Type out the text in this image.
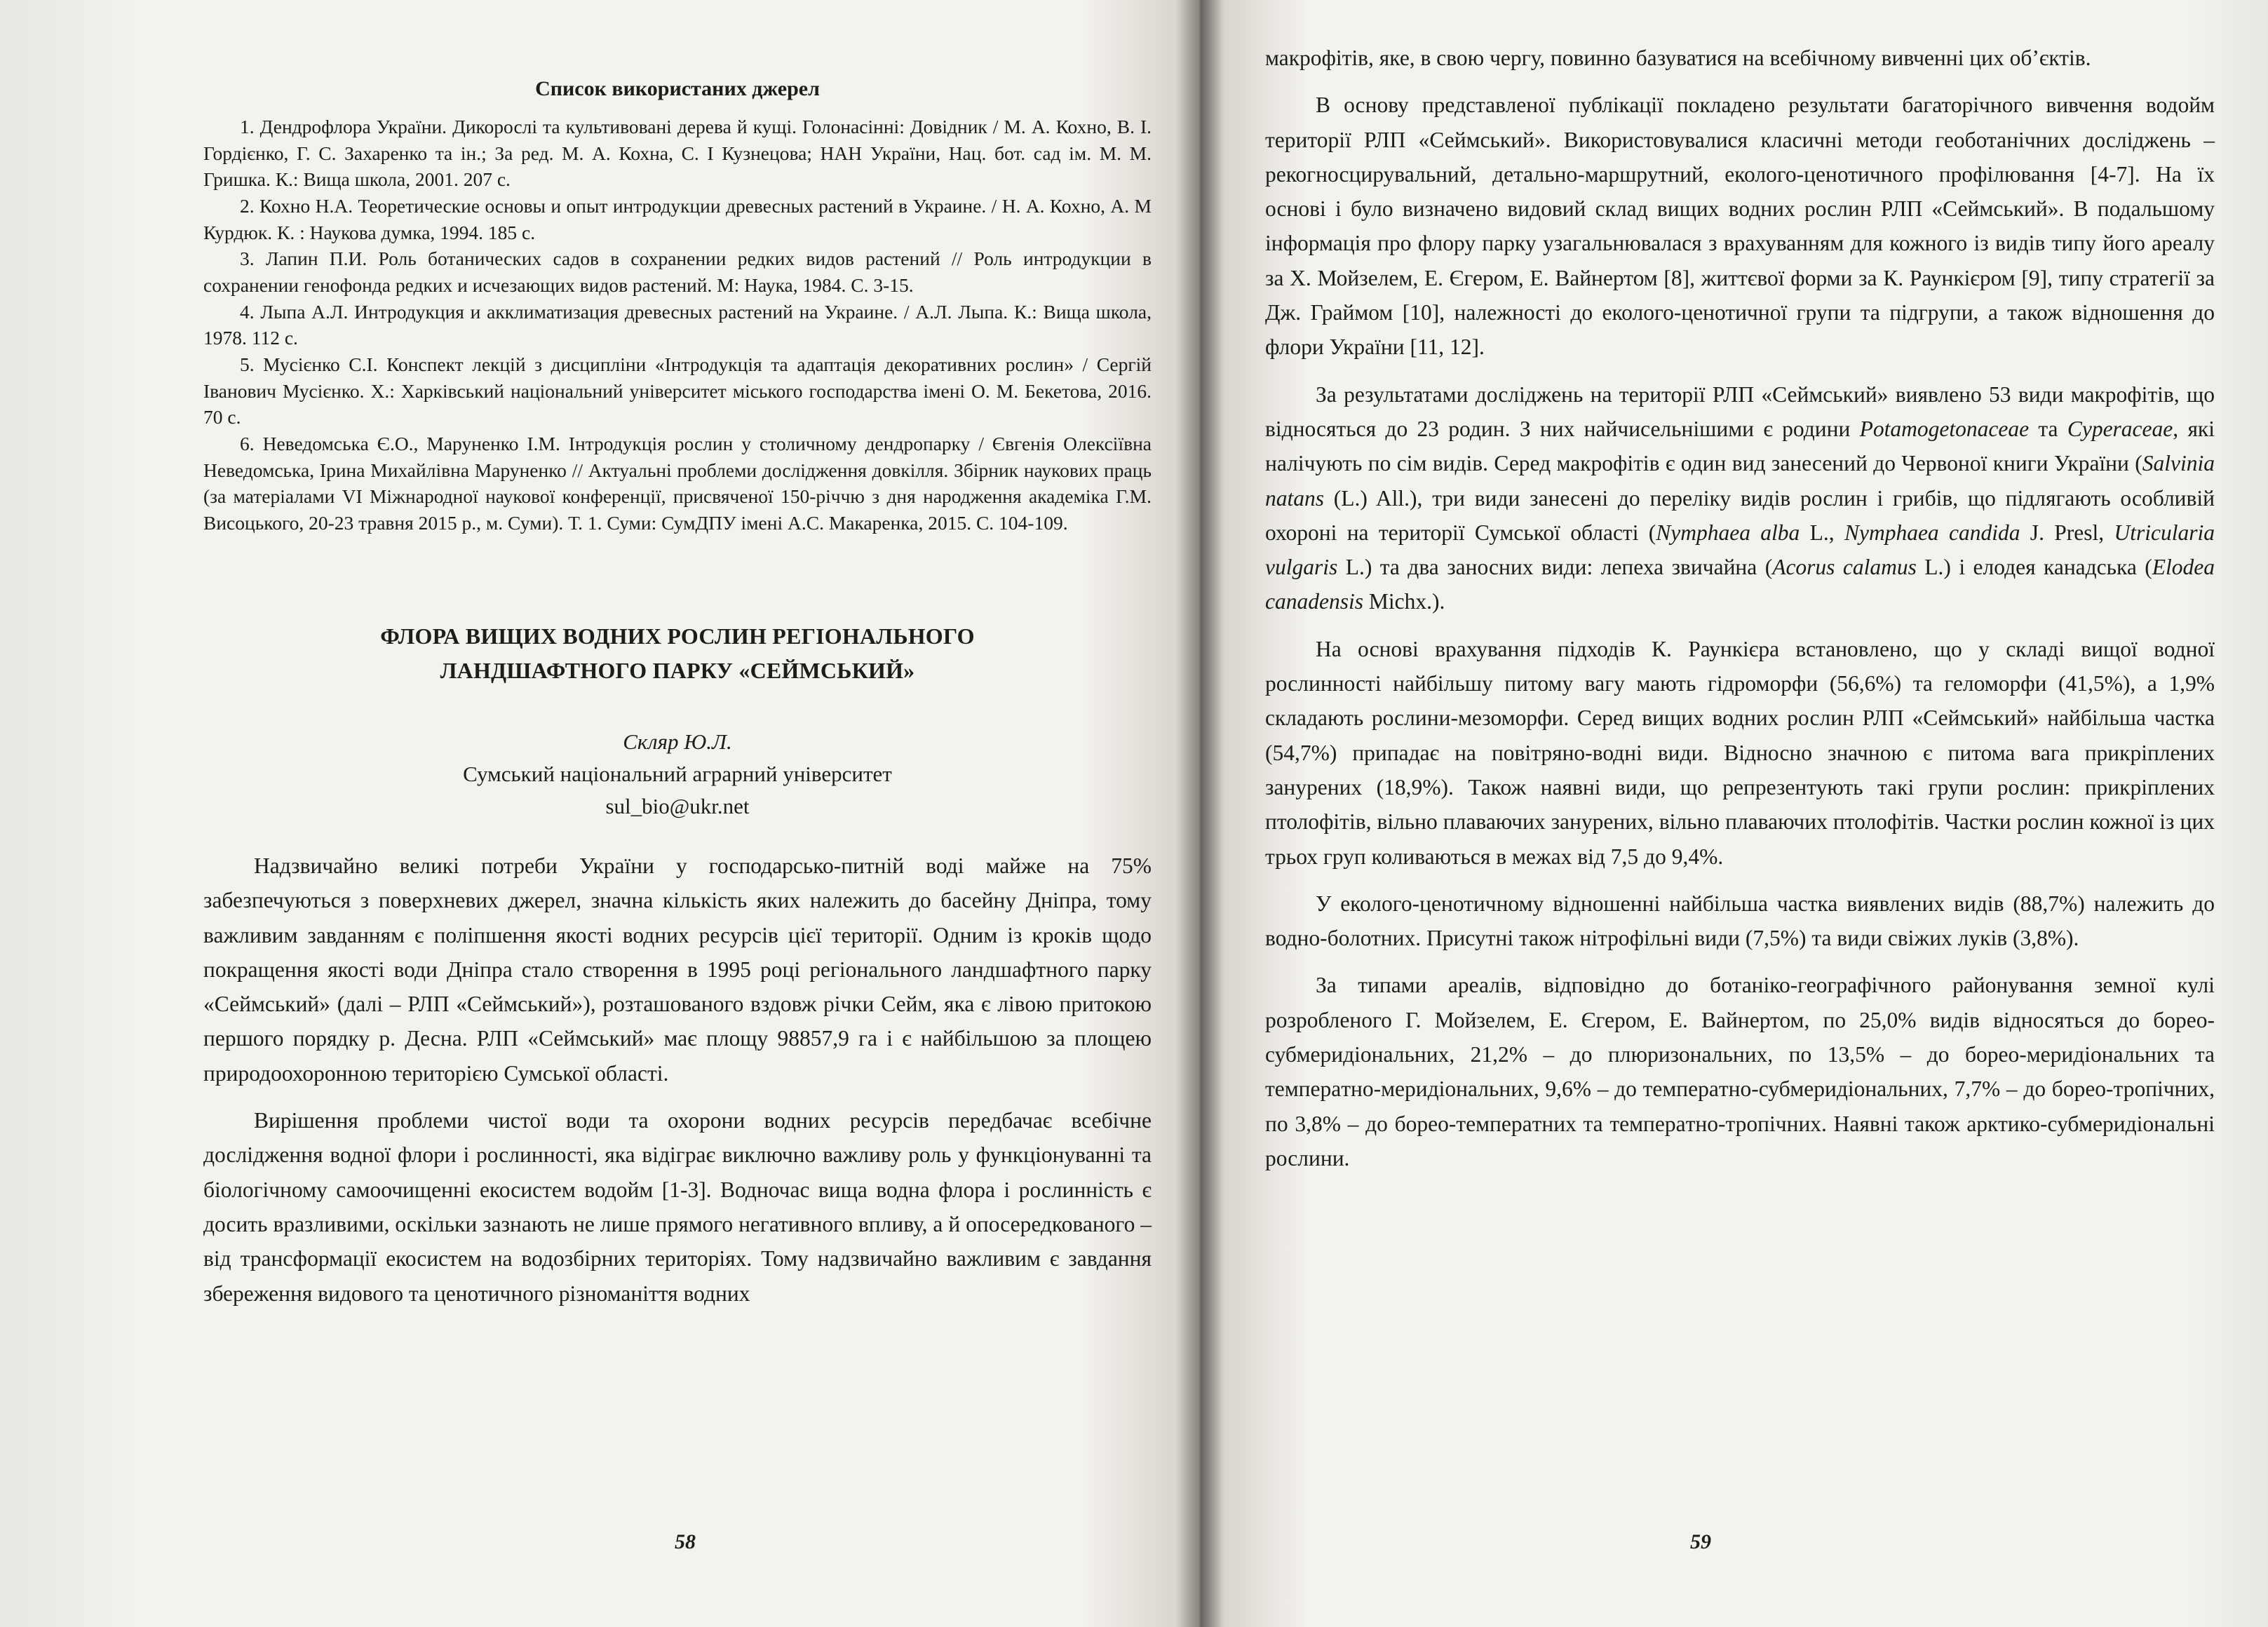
Список використаних джерел

1. Дендрофлора України. Дикорослі та культивовані дерева й кущі. Голонасінні: Довідник / М. А. Кохно, В. І. Гордієнко, Г. С. Захаренко та ін.; За ред. М. А. Кохна, С. І Кузнецова; НАН України, Нац. бот. сад ім. М. М. Гришка. К.: Вища школа, 2001. 207 с.

2. Кохно Н.А. Теоретические основы и опыт интродукции древесных растений в Украине. / Н. А. Кохно, А. М Курдюк. К. : Наукова думка, 1994. 185 с.

3. Лапин П.И. Роль ботанических садов в сохранении редких видов растений // Роль интродукции в сохранении генофонда редких и исчезающих видов растений. М: Наука, 1984. С. 3-15.

4. Лыпа А.Л. Интродукция и акклиматизация древесных растений на Украине. / А.Л. Лыпа. К.: Вища школа, 1978. 112 с.

5. Мусієнко С.І. Конспект лекцій з дисципліни «Інтродукція та адаптація декоративних рослин» / Сергій Іванович Мусієнко. Х.: Харківський національний університет міського господарства імені О. М. Бекетова, 2016. 70 с.

6. Неведомська Є.О., Маруненко І.М. Інтродукція рослин у столичному дендропарку / Євгенія Олексіївна Неведомська, Ірина Михайлівна Маруненко // Актуальні проблеми дослідження довкілля. Збірник наукових праць (за матеріалами VI Міжнародної наукової конференції, присвяченої 150-річчю з дня народження академіка Г.М. Висоцького, 20-23 травня 2015 р., м. Суми). Т. 1. Суми: СумДПУ імені А.С. Макаренка, 2015. С. 104-109.

ФЛОРА ВИЩИХ ВОДНИХ РОСЛИН РЕГІОНАЛЬНОГО
ЛАНДШАФТНОГО ПАРКУ «СЕЙМСЬКИЙ»
Скляр Ю.Л.
Сумський національний аграрний університет
sul_bio@ukr.net

Надзвичайно великі потреби України у господарсько-питній воді майже на 75% забезпечуються з поверхневих джерел, значна кількість яких належить до басейну Дніпра, тому важливим завданням є поліпшення якості водних ресурсів цієї території. Одним із кроків щодо покращення якості води Дніпра стало створення в 1995 році регіонального ландшафтного парку «Сеймський» (далі – РЛП «Сеймський»), розташованого вздовж річки Сейм, яка є лівою притокою першого порядку р. Десна. РЛП «Сеймський» має площу 98857,9 га і є найбільшою за площею природоохоронною територією Сумської області.

Вирішення проблеми чистої води та охорони водних ресурсів передбачає всебічне дослідження водної флори і рослинності, яка відіграє виключно важливу роль у функціонуванні та біологічному самоочищенні екосистем водойм [1-3]. Водночас вища водна флора і рослинність є досить вразливими, оскільки зазнають не лише прямого негативного впливу, а й опосередкованого – від трансформації екосистем на водозбірних територіях. Тому надзвичайно важливим є завдання збереження видового та ценотичного різноманіття водних

58

макрофітів, яке, в свою чергу, повинно базуватися на всебічному вивченні цих об’єктів.

В основу представленої публікації покладено результати багаторічного вивчення водойм території РЛП «Сеймський». Використовувалися класичні методи геоботанічних досліджень – рекогносцирувальний, детально-маршрутний, еколого-ценотичного профілювання [4-7]. На їх основі і було визначено видовий склад вищих водних рослин РЛП «Сеймський». В подальшому інформація про флору парку узагальнювалася з врахуванням для кожного із видів типу його ареалу за Х. Мойзелем, Е. Єгером, Е. Вайнертом [8], життєвої форми за К. Раункієром [9], типу стратегії за Дж. Граймом [10], належності до еколого-ценотичної групи та підгрупи, а також відношення до флори України [11, 12].

За результатами досліджень на території РЛП «Сеймський» виявлено 53 види макрофітів, що відносяться до 23 родин. З них найчисельнішими є родини Potamogetonaceae та Cyperaceae, які налічують по сім видів. Серед макрофітів є один вид занесений до Червоної книги України (Salvinia natans (L.) All.), три види занесені до переліку видів рослин і грибів, що підлягають особливій охороні на території Сумської області (Nymphaea alba L., Nymphaea candida J. Presl, Utricularia vulgaris L.) та два заносних види: лепеха звичайна (Acorus calamus L.) і елодея канадська (Elodea canadensis Michx.).

На основі врахування підходів К. Раункієра встановлено, що у складі вищої водної рослинності найбільшу питому вагу мають гідроморфи (56,6%) та геломорфи (41,5%), а 1,9% складають рослини-мезоморфи. Серед вищих водних рослин РЛП «Сеймський» найбільша частка (54,7%) припадає на повітряно-водні види. Відносно значною є питома вага прикріплених занурених (18,9%). Також наявні види, що репрезентують такі групи рослин: прикріплених птолофітів, вільно плаваючих занурених, вільно плаваючих птолофітів. Частки рослин кожної із цих трьох груп коливаються в межах від 7,5 до 9,4%.

У еколого-ценотичному відношенні найбільша частка виявлених видів (88,7%) належить до водно-болотних. Присутні також нітрофільні види (7,5%) та види свіжих луків (3,8%).

За типами ареалів, відповідно до ботаніко-географічного районування земної кулі розробленого Г. Мойзелем, Е. Єгером, Е. Вайнертом, по 25,0% видів відносяться до борео-субмеридіональних, 21,2% – до плюризональних, по 13,5% – до борео-меридіональних та темперaтно-меридіональних, 9,6% – до темперaтно-субмеридіональних, 7,7% – до борео-тропічних, по 3,8% – до борео-темперaтних та темперaтно-тропічних. Наявні також арктико-субмеридіональні рослини.

59
